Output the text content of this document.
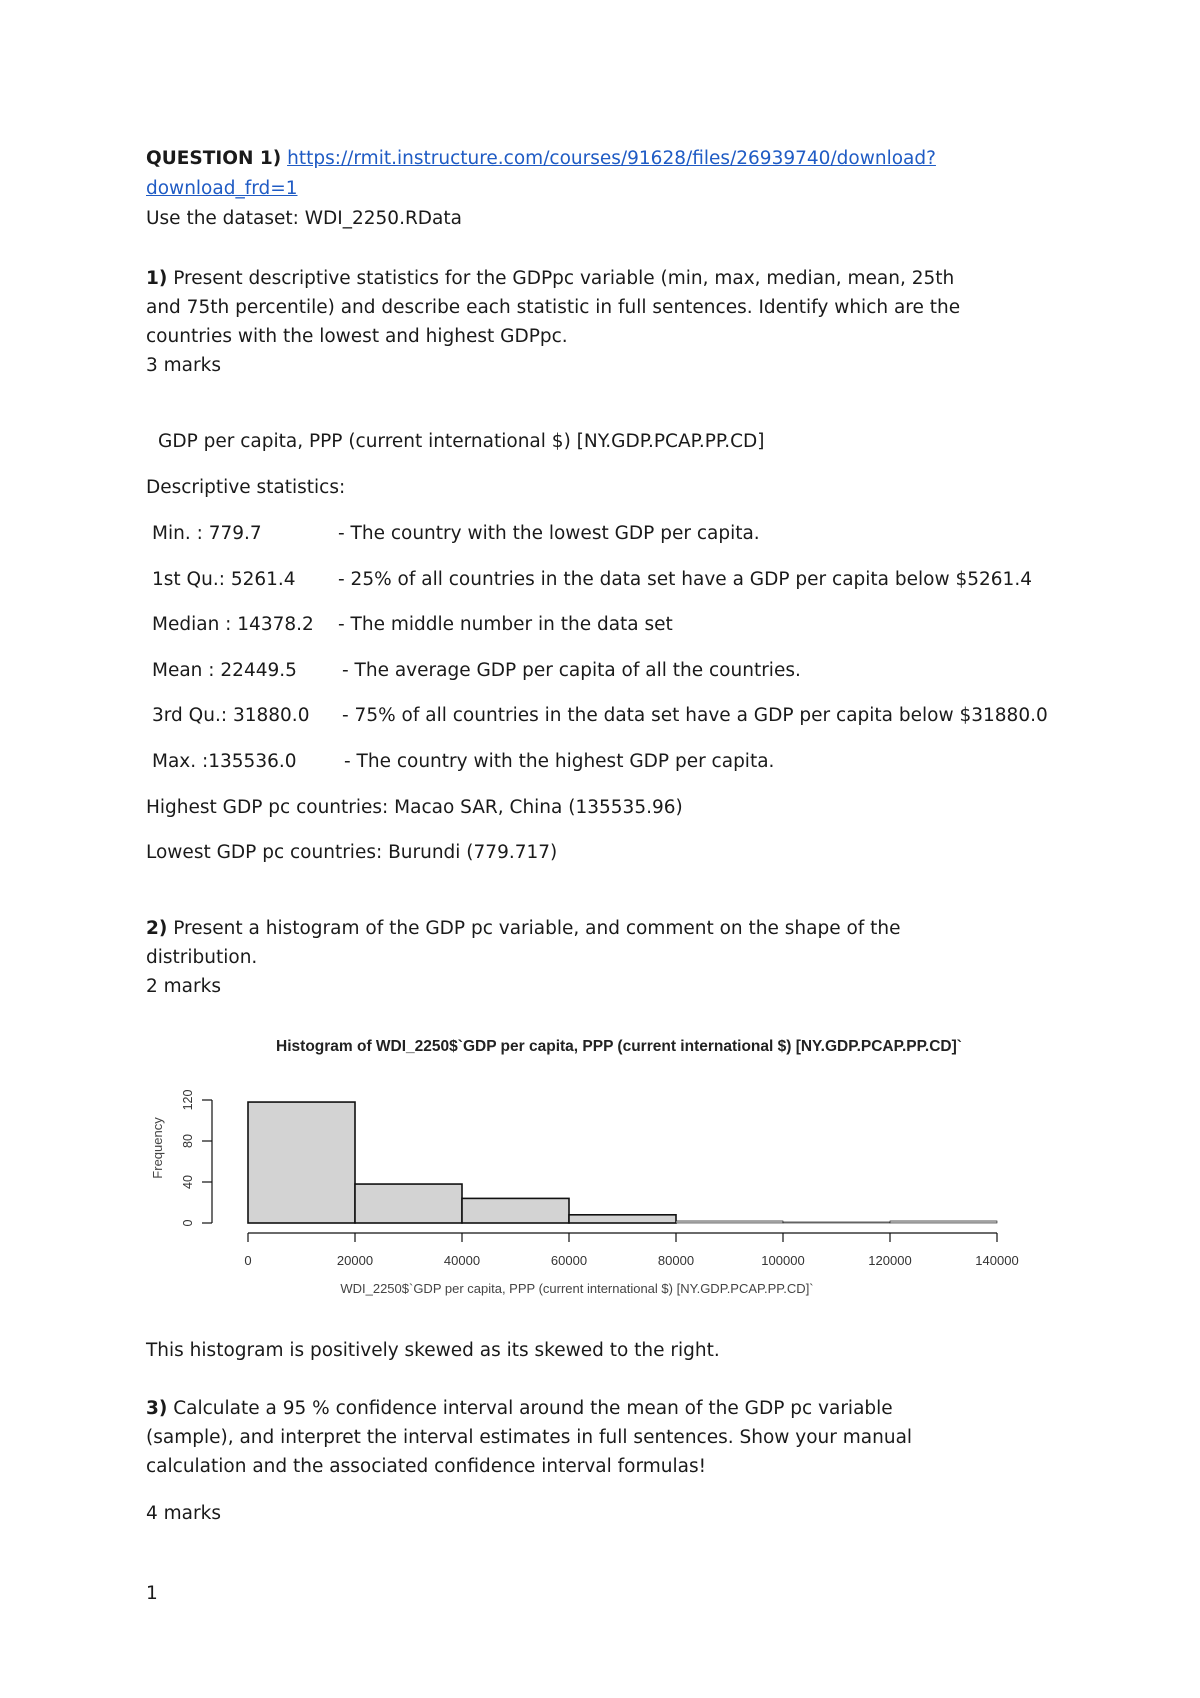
QUESTION 1) https://rmit.instructure.com/courses/91628/files/26939740/download?
download_frd=1
Use the dataset: WDI_2250.RData
1) Present descriptive statistics for the GDPpc variable (min, max, median, mean, 25th
and 75th percentile) and describe each statistic in full sentences. Identify which are the
countries with the lowest and highest GDPpc.
3 marks
GDP per capita, PPP (current international $) [NY.GDP.PCAP.PP.CD]
Descriptive statistics:
Min. : 779.7	- The country with the lowest GDP per capita.
1st Qu.: 5261.4 - 25% of all countries in the data set have a GDP per capita below $5261.4
Median : 14378.2 - The middle number in the data set
Mean : 22449.5 - The average GDP per capita of all the countries.
3rd Qu.: 31880.0 - 75% of all countries in the data set have a GDP per capita below $31880.0
Max. :135536.0	- The country with the highest GDP per capita.
Highest GDP pc countries: Macao SAR, China (135535.96)
Lowest GDP pc countries: Burundi (779.717)
2) Present a histogram of the GDP pc variable, and comment on the shape of the
distribution.
2 marks
Histogram of WDI_2250$`GDP per capita, PPP (current international $) [NY.GDP.PCAP.PP.CD]`
Frequency
0
40
80
120
0	20000	40000	60000	80000	100000	120000	140000
WDI_2250$`GDP per capita, PPP (current international $) [NY.GDP.PCAP.PP.CD]`
This histogram is positively skewed as its skewed to the right.
3) Calculate a 95 % confidence interval around the mean of the GDP pc variable
(sample), and interpret the interval estimates in full sentences. Show your manual
calculation and the associated confidence interval formulas!
4 marks
1
